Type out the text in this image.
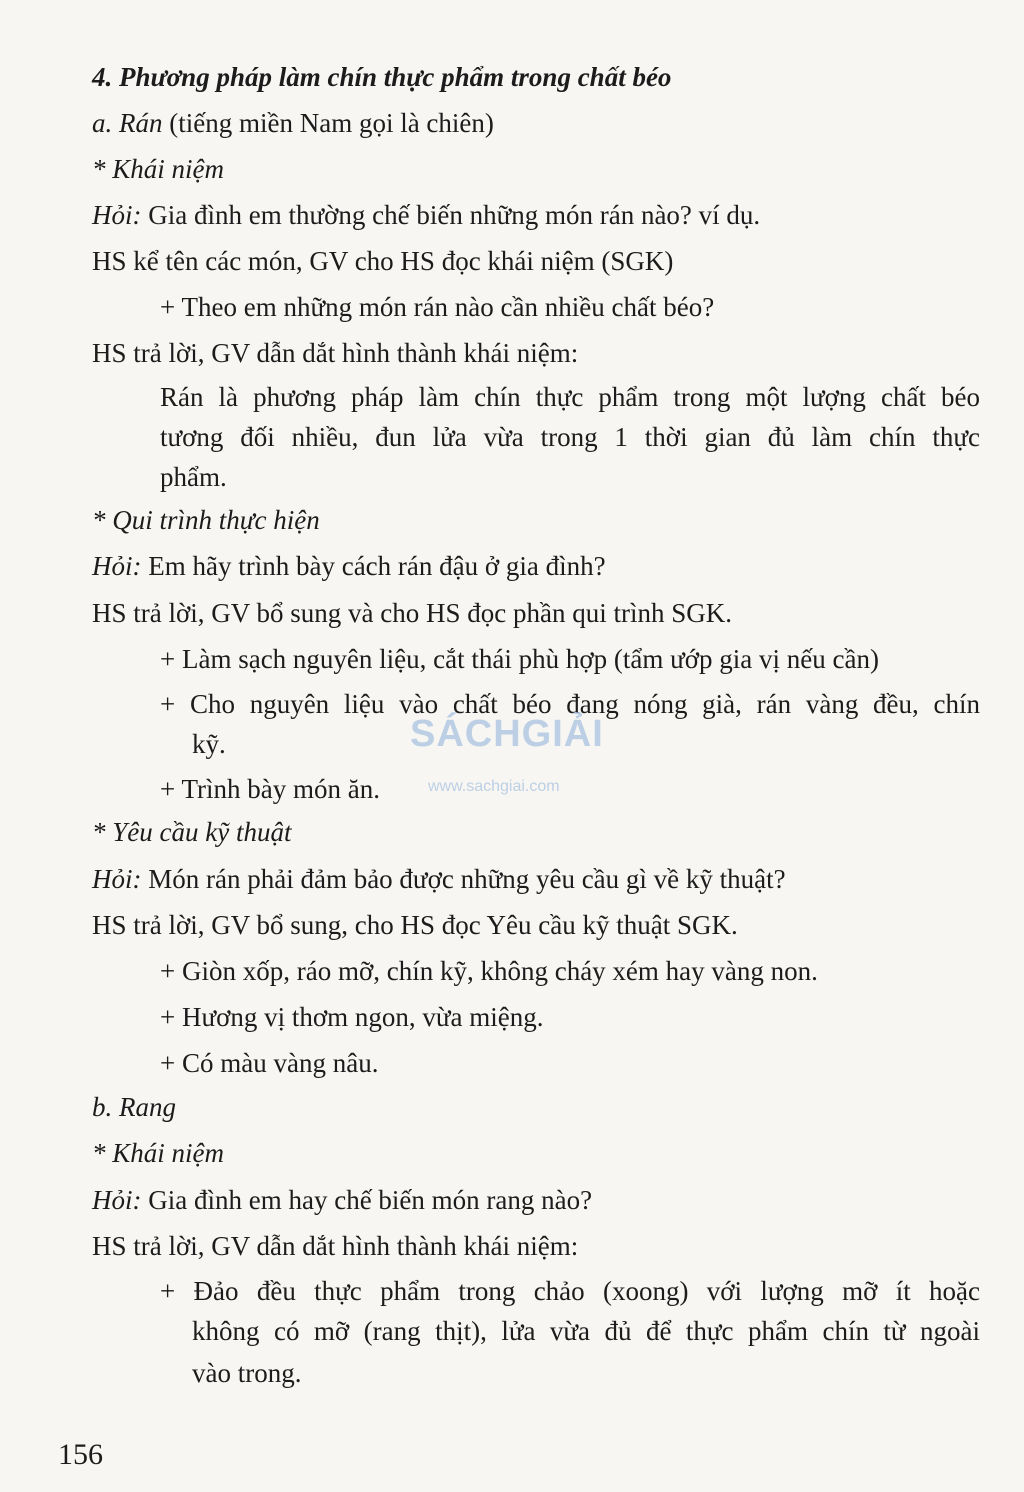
4. Phương pháp làm chín thực phẩm trong chất béo
a. Rán (tiếng miền Nam gọi là chiên)
* Khái niệm
Hỏi: Gia đình em thường chế biến những món rán nào? ví dụ.
HS kể tên các món, GV cho HS đọc khái niệm (SGK)
+ Theo em những món rán nào cần nhiều chất béo?
HS trả lời, GV dẫn dắt hình thành khái niệm:
Rán là phương pháp làm chín thực phẩm trong một lượng chất béo
tương đối nhiều, đun lửa vừa trong 1 thời gian đủ làm chín thực
phẩm.
* Qui trình thực hiện
Hỏi: Em hãy trình bày cách rán đậu ở gia đình?
HS trả lời, GV bổ sung và cho HS đọc phần qui trình SGK.
+ Làm sạch nguyên liệu, cắt thái phù hợp (tẩm ướp gia vị nếu cần)
+ Cho nguyên liệu vào chất béo đang nóng già, rán vàng đều, chín
kỹ.
+ Trình bày món ăn.
* Yêu cầu kỹ thuật
Hỏi: Món rán phải đảm bảo được những yêu cầu gì về kỹ thuật?
HS trả lời, GV bổ sung, cho HS đọc Yêu cầu kỹ thuật SGK.
+ Giòn xốp, ráo mỡ, chín kỹ, không cháy xém hay vàng non.
+ Hương vị thơm ngon, vừa miệng.
+ Có màu vàng nâu.
b. Rang
* Khái niệm
Hỏi: Gia đình em hay chế biến món rang nào?
HS trả lời, GV dẫn dắt hình thành khái niệm:
+ Đảo đều thực phẩm trong chảo (xoong) với lượng mỡ ít hoặc
không có mỡ (rang thịt), lửa vừa đủ để thực phẩm chín từ ngoài
vào trong.
SÁCHGIẢI
www.sachgiai.com
156
